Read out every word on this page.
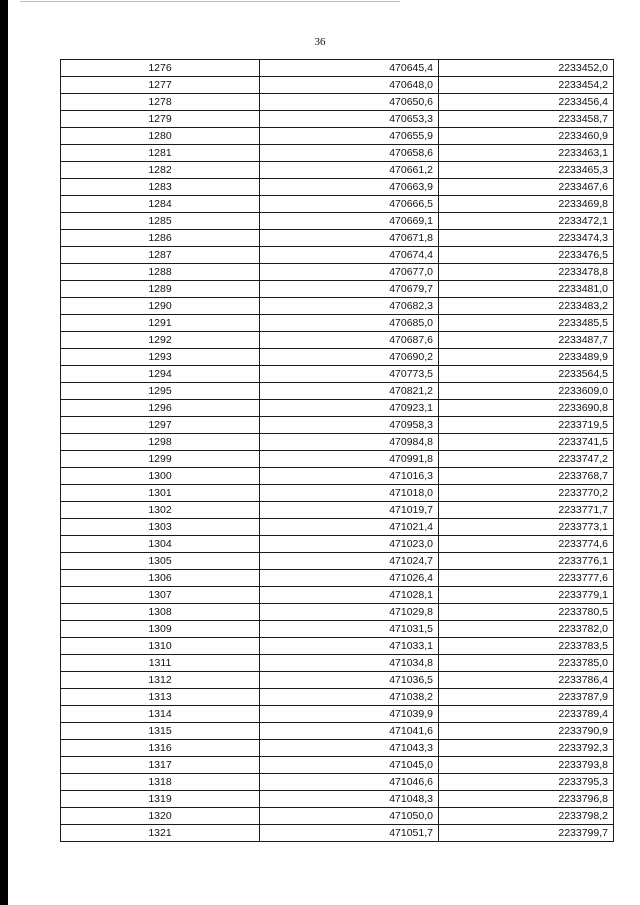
36
1276	470645,4	2233452,0
1277	470648,0	2233454,2
1278	470650,6	2233456,4
1279	470653,3	2233458,7
1280	470655,9	2233460,9
1281	470658,6	2233463,1
1282	470661,2	2233465,3
1283	470663,9	2233467,6
1284	470666,5	2233469,8
1285	470669,1	2233472,1
1286	470671,8	2233474,3
1287	470674,4	2233476,5
1288	470677,0	2233478,8
1289	470679,7	2233481,0
1290	470682,3	2233483,2
1291	470685,0	2233485,5
1292	470687,6	2233487,7
1293	470690,2	2233489,9
1294	470773,5	2233564,5
1295	470821,2	2233609,0
1296	470923,1	2233690,8
1297	470958,3	2233719,5
1298	470984,8	2233741,5
1299	470991,8	2233747,2
1300	471016,3	2233768,7
1301	471018,0	2233770,2
1302	471019,7	2233771,7
1303	471021,4	2233773,1
1304	471023,0	2233774,6
1305	471024,7	2233776,1
1306	471026,4	2233777,6
1307	471028,1	2233779,1
1308	471029,8	2233780,5
1309	471031,5	2233782,0
1310	471033,1	2233783,5
1311	471034,8	2233785,0
1312	471036,5	2233786,4
1313	471038,2	2233787,9
1314	471039,9	2233789,4
1315	471041,6	2233790,9
1316	471043,3	2233792,3
1317	471045,0	2233793,8
1318	471046,6	2233795,3
1319	471048,3	2233796,8
1320	471050,0	2233798,2
1321	471051,7	2233799,7
